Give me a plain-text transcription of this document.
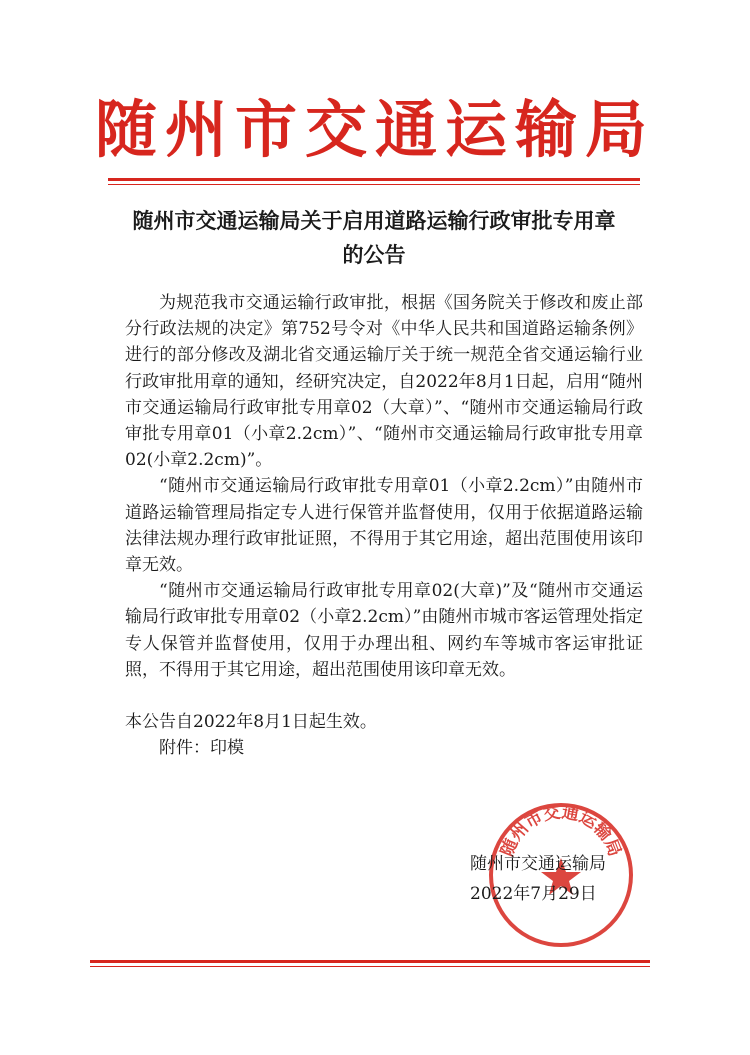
随州市交通运输局
随州市交通运输局关于启用道路运输行政审批专用章
的公告

为规范我市交通运输行政审批，根据《国务院关于修改和废止部分行政法规的决定》第752号令对《中华人民共和国道路运输条例》进行的部分修改及湖北省交通运输厅关于统一规范全省交通运输行业行政审批用章的通知，经研究决定，自2022年8月1日起，启用“随州市交通运输局行政审批专用章02（大章）”、“随州市交通运输局行政审批专用章01（小章2.2cm）”、“随州市交通运输局行政审批专用章02(小章2.2cm)”。

“随州市交通运输局行政审批专用章01（小章2.2cm）”由随州市道路运输管理局指定专人进行保管并监督使用，仅用于依据道路运输法律法规办理行政审批证照，不得用于其它用途，超出范围使用该印章无效。

“随州市交通运输局行政审批专用章02(大章)”及“随州市交通运输局行政审批专用章02（小章2.2cm）”由随州市城市客运管理处指定专人保管并监督使用，仅用于办理出租、网约车等城市客运审批证照，不得用于其它用途，超出范围使用该印章无效。

本公告自2022年8月1日起生效。

附件：印模

随州市交通运输局
随州市交通运输局
2022年7月29日
